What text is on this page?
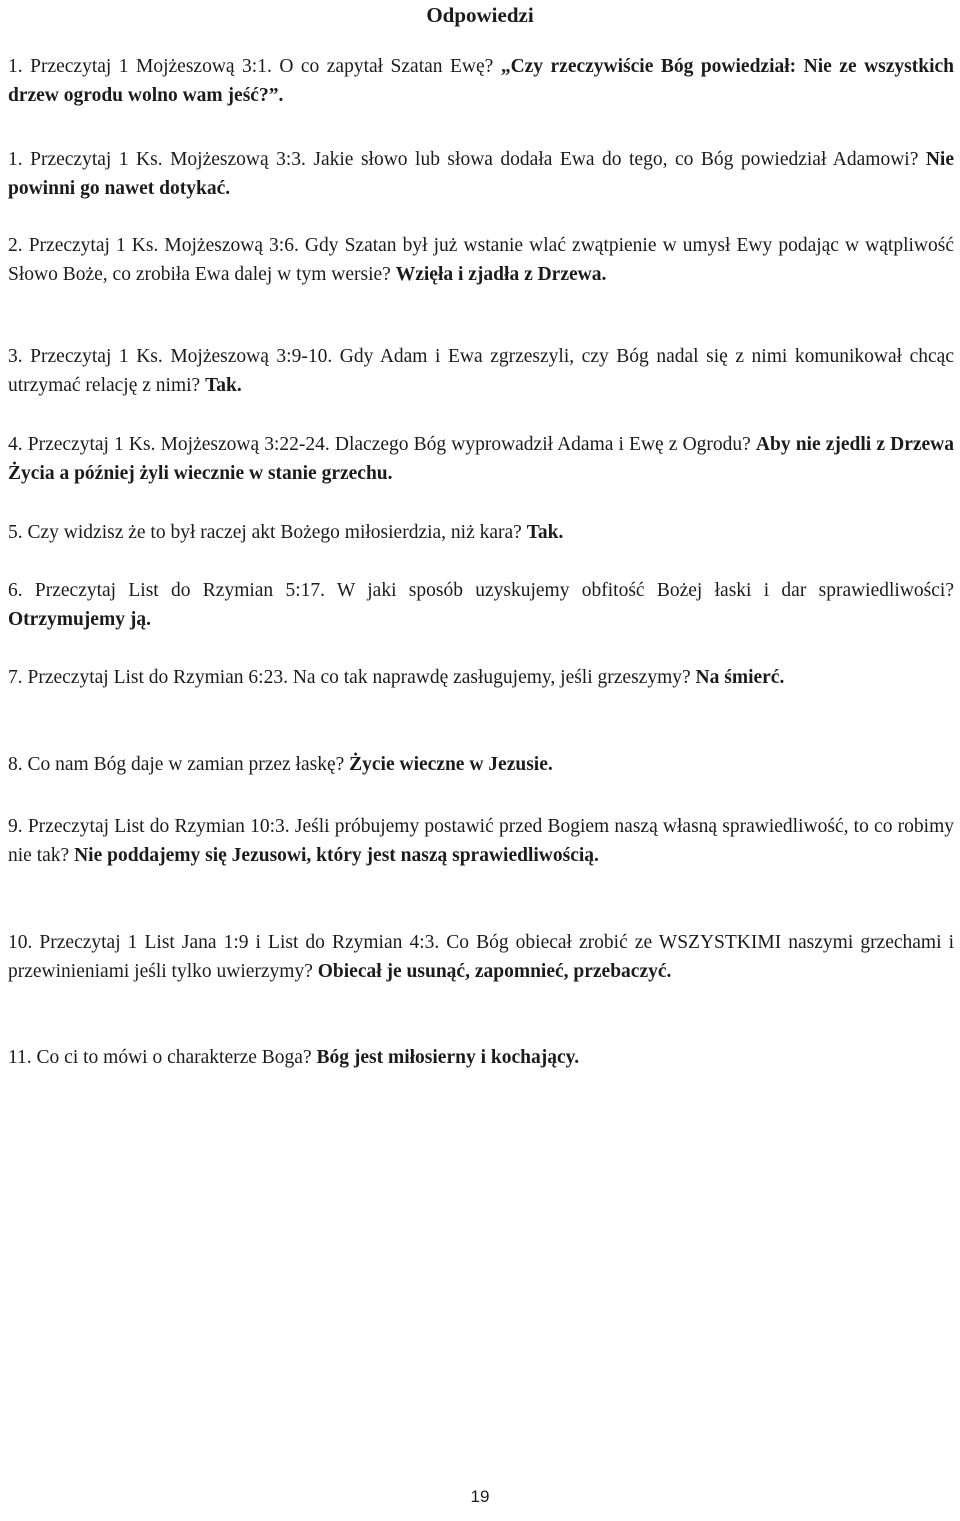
Odpowiedzi

1. Przeczytaj 1 Mojżeszową 3:1. O co zapytał Szatan Ewę? „Czy rzeczywiście Bóg powiedział: Nie ze wszystkich drzew ogrodu wolno wam jeść?”.

1. Przeczytaj 1 Ks. Mojżeszową 3:3. Jakie słowo lub słowa dodała Ewa do tego, co Bóg powiedział Adamowi? Nie powinni go nawet dotykać.

2. Przeczytaj 1 Ks. Mojżeszową 3:6. Gdy Szatan był już wstanie wlać zwątpienie w umysł Ewy podając w wątpliwość Słowo Boże, co zrobiła Ewa dalej w tym wersie? Wzięła i zjadła z Drzewa.

3. Przeczytaj 1 Ks. Mojżeszową 3:9-10. Gdy Adam i Ewa zgrzeszyli, czy Bóg nadal się z nimi komunikował chcąc utrzymać relację z nimi? Tak.

4. Przeczytaj 1 Ks. Mojżeszową 3:22-24. Dlaczego Bóg wyprowadził Adama i Ewę z Ogrodu? Aby nie zjedli z Drzewa Życia a później żyli wiecznie w stanie grzechu.

5. Czy widzisz że to był raczej akt Bożego miłosierdzia, niż kara? Tak.

6. Przeczytaj List do Rzymian 5:17. W jaki sposób uzyskujemy obfitość Bożej łaski i dar sprawiedliwości? Otrzymujemy ją.

7. Przeczytaj List do Rzymian 6:23. Na co tak naprawdę zasługujemy, jeśli grzeszymy? Na śmierć.

8. Co nam Bóg daje w zamian przez łaskę? Życie wieczne w Jezusie.

9. Przeczytaj List do Rzymian 10:3. Jeśli próbujemy postawić przed Bogiem naszą własną sprawiedliwość, to co robimy nie tak? Nie poddajemy się Jezusowi, który jest naszą sprawiedliwością.

10. Przeczytaj 1 List Jana 1:9 i List do Rzymian 4:3. Co Bóg obiecał zrobić ze WSZYSTKIMI naszymi grzechami i przewinieniami jeśli tylko uwierzymy? Obiecał je usunąć, zapomnieć, przebaczyć.

11. Co ci to mówi o charakterze Boga? Bóg jest miłosierny i kochający.

19
